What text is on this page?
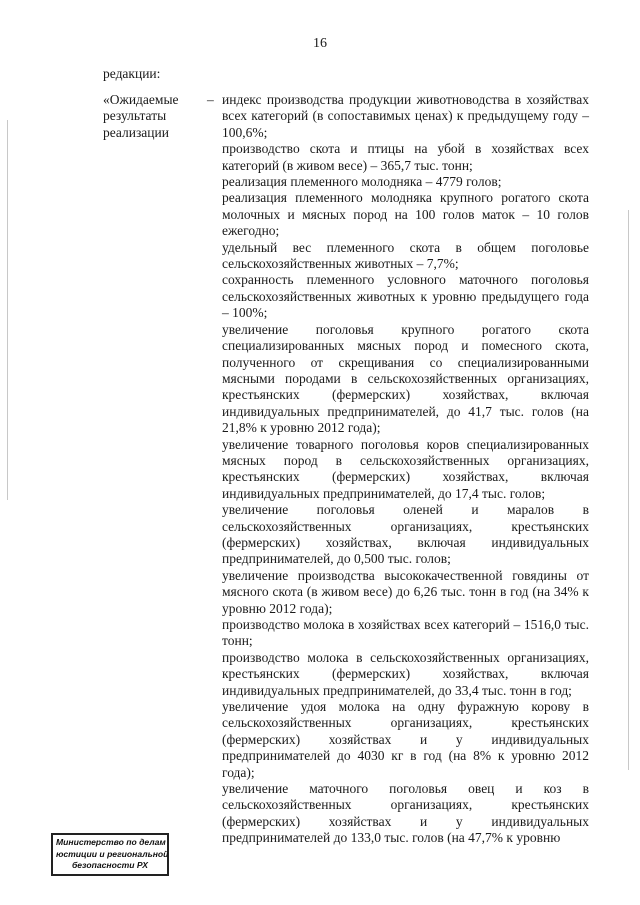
16
редакции:
«Ожидаемые
результаты
реализации
– индекс производства продукции животноводства в хозяйствах всех категорий (в сопоставимых ценах) к предыдущему году – 100,6%;

производство скота и птицы на убой в хозяйствах всех категорий (в живом весе) – 365,7 тыс. тонн;

реализация племенного молодняка – 4779 голов;

реализация племенного молодняка крупного рогатого скота молочных и мясных пород на 100 голов маток – 10 голов ежегодно;

удельный вес племенного скота в общем поголовье сельскохозяйственных животных – 7,7%;

сохранность племенного условного маточного поголовья сельскохозяйственных животных к уровню предыдущего года – 100%;

увеличение поголовья крупного рогатого скота специализированных мясных пород и помесного скота, полученного от скрещивания со специализированными мясными породами в сельскохозяйственных организациях, крестьянских (фермерских) хозяйствах, включая индивидуальных предпринимателей, до 41,7 тыс. голов (на 21,8% к уровню 2012 года);

увеличение товарного поголовья коров специализированных мясных пород в сельскохозяйственных организациях, крестьянских (фермерских) хозяйствах, включая индивидуальных предпринимателей, до 17,4 тыс. голов;

увеличение поголовья оленей и маралов в сельскохозяйственных организациях, крестьянских (фермерских) хозяйствах, включая индивидуальных предпринимателей, до 0,500 тыс. голов;

увеличение производства высококачественной говядины от мясного скота (в живом весе) до 6,26 тыс. тонн в год (на 34% к уровню 2012 года);

производство молока в хозяйствах всех категорий – 1516,0 тыс. тонн;

производство молока в сельскохозяйственных организациях, крестьянских (фермерских) хозяйствах, включая индивидуальных предпринимателей, до 33,4 тыс. тонн в год;

увеличение удоя молока на одну фуражную корову в сельскохозяйственных организациях, крестьянских (фермерских) хозяйствах и у индивидуальных предпринимателей до 4030 кг в год (на 8% к уровню 2012 года);

увеличение маточного поголовья овец и коз в сельскохозяйственных организациях, крестьянских (фермерских) хозяйствах и у индивидуальных предпринимателей до 133,0 тыс. голов (на 47,7% к уровню

Министерство по делам
юстиции и региональной
безопасности РХ
